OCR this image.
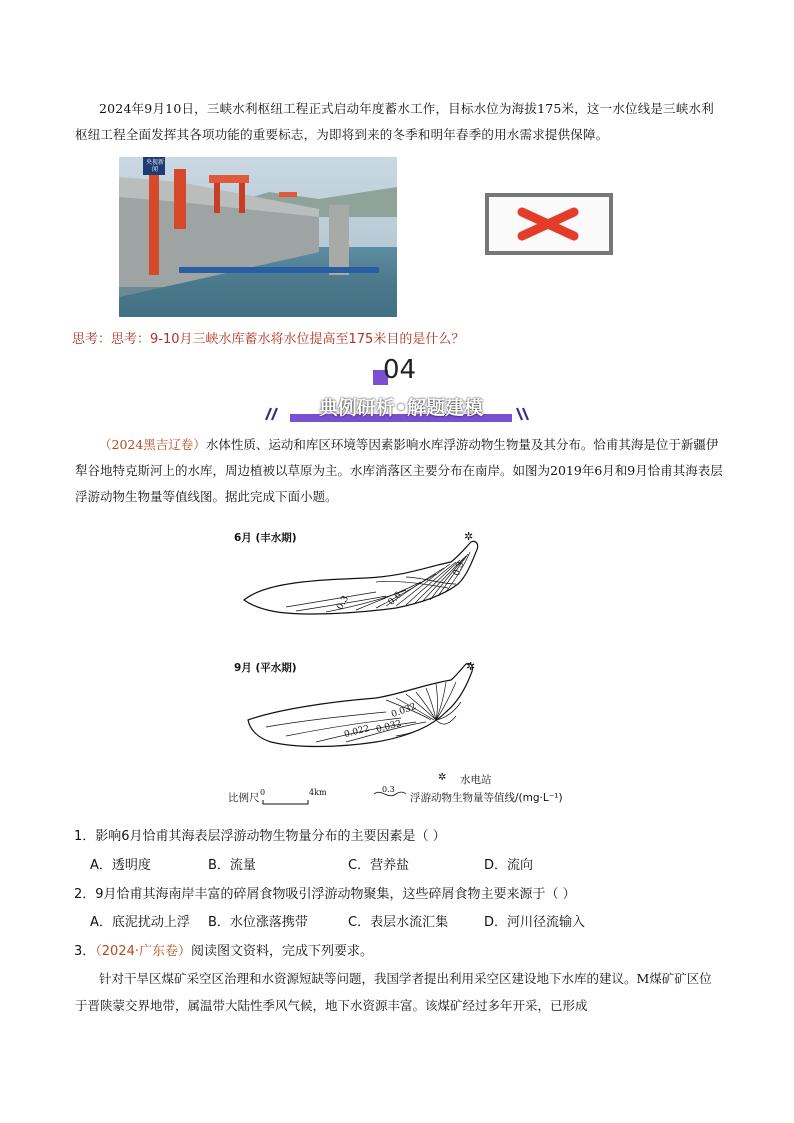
2024年9月10日，三峡水利枢纽工程正式启动年度蓄水工作，目标水位为海拔175米，这一水位线是三峡水利枢纽工程全面发挥其各项功能的重要标志，为即将到来的冬季和明年春季的用水需求提供保障。
央视新闻
思考：思考：9-10月三峡水库蓄水将水位提高至175米目的是什么？
04
典例研析•解题建模
（2024黑吉辽卷）水体性质、运动和库区环境等因素影响水库浮游动物生物量及其分布。恰甫其海是位于新疆伊犁谷地特克斯河上的水库，周边植被以草原为主。水库消落区主要分布在南岸。如图为2019年6月和9月恰甫其海表层浮游动物生物量等值线图。据此完成下面小题。
6月 (丰水期)	✲
0.3
0.3	0.6
9月 (平水期)	✲
0.032
0.022 0.032
✲ 水电站
比例尺 0	4km	0.3
浮游动物生物量等值线/(mg·L⁻¹)
1．影响6月恰甫其海表层浮游动物生物量分布的主要因素是（ ）
A．透明度	B．流量	C．营养盐	D．流向
2．9月恰甫其海南岸丰富的碎屑食物吸引浮游动物聚集，这些碎屑食物主要来源于（ ）
A．底泥扰动上浮 B．水位涨落携带	C．表层水流汇集	D．河川径流输入
3．（2024·广东卷）阅读图文资料，完成下列要求。
针对干旱区煤矿采空区治理和水资源短缺等问题，我国学者提出利用采空区建设地下水库的建议。M煤矿矿区位于晋陕蒙交界地带，属温带大陆性季风气候，地下水资源丰富。该煤矿经过多年开采，已形成
